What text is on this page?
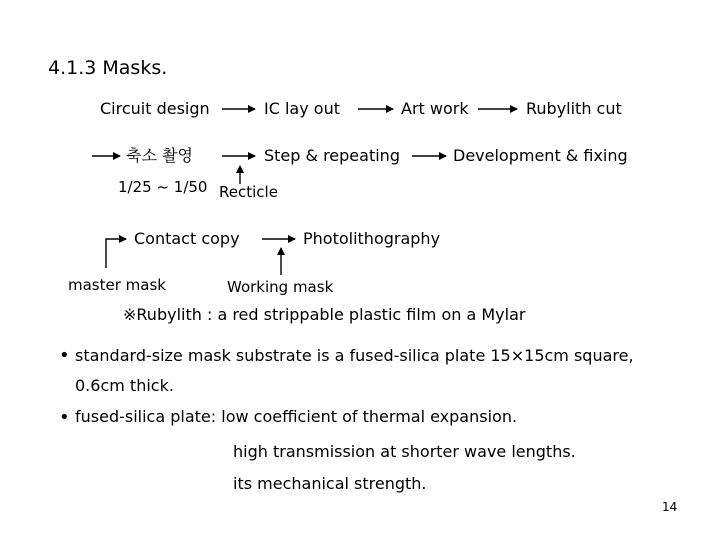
4.1.3 Masks.
Circuit design	IC lay out	Art work	Rubylith cut
축소 촬영	Step & repeating	Development & fixing
1/25 ~ 1/50 Recticle
Contact copy	Photolithography
master mask	Working mask
※Rubylith : a red strippable plastic film on a Mylar
• standard-size mask substrate is a fused-silica plate 15×15cm square,
0.6cm thick.
• fused-silica plate: low coefficient of thermal expansion.
high transmission at shorter wave lengths.
its mechanical strength.
14
